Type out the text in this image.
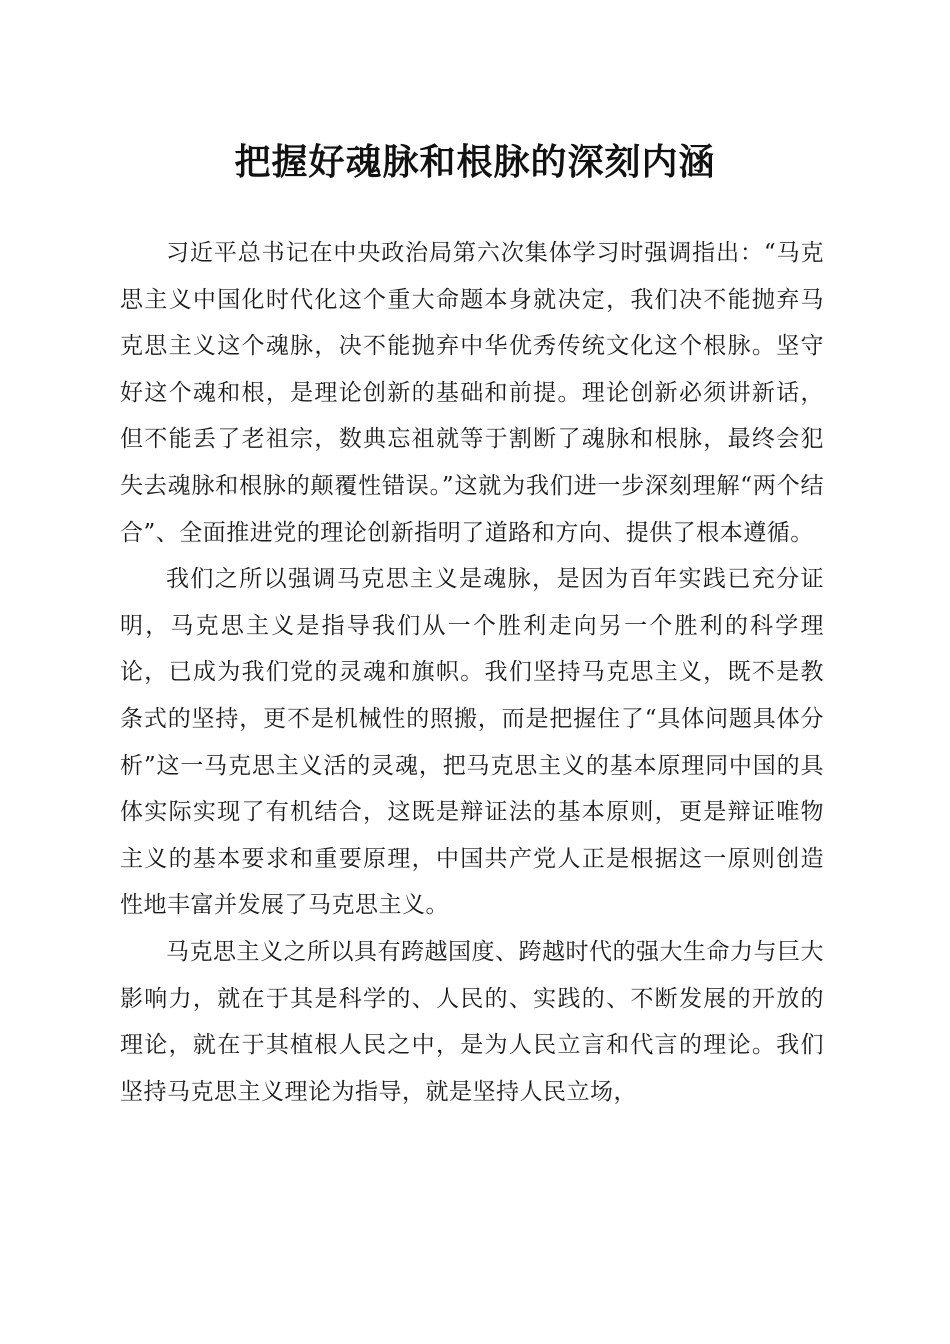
把握好魂脉和根脉的深刻内涵

习近平总书记在中央政治局第六次集体学习时强调指出：“马克思主义中国化时代化这个重大命题本身就决定，我们决不能抛弃马克思主义这个魂脉，决不能抛弃中华优秀传统文化这个根脉。坚守好这个魂和根，是理论创新的基础和前提。理论创新必须讲新话，但不能丢了老祖宗，数典忘祖就等于割断了魂脉和根脉，最终会犯失去魂脉和根脉的颠覆性错误。”这就为我们进一步深刻理解“两个结合”、全面推进党的理论创新指明了道路和方向、提供了根本遵循。

我们之所以强调马克思主义是魂脉，是因为百年实践已充分证明，马克思主义是指导我们从一个胜利走向另一个胜利的科学理论，已成为我们党的灵魂和旗帜。我们坚持马克思主义，既不是教条式的坚持，更不是机械性的照搬，而是把握住了“具体问题具体分析”这一马克思主义活的灵魂，把马克思主义的基本原理同中国的具体实际实现了有机结合，这既是辩证法的基本原则，更是辩证唯物主义的基本要求和重要原理，中国共产党人正是根据这一原则创造性地丰富并发展了马克思主义。

马克思主义之所以具有跨越国度、跨越时代的强大生命力与巨大影响力，就在于其是科学的、人民的、实践的、不断发展的开放的理论，就在于其植根人民之中，是为人民立言和代言的理论。我们坚持马克思主义理论为指导，就是坚持人民立场，
